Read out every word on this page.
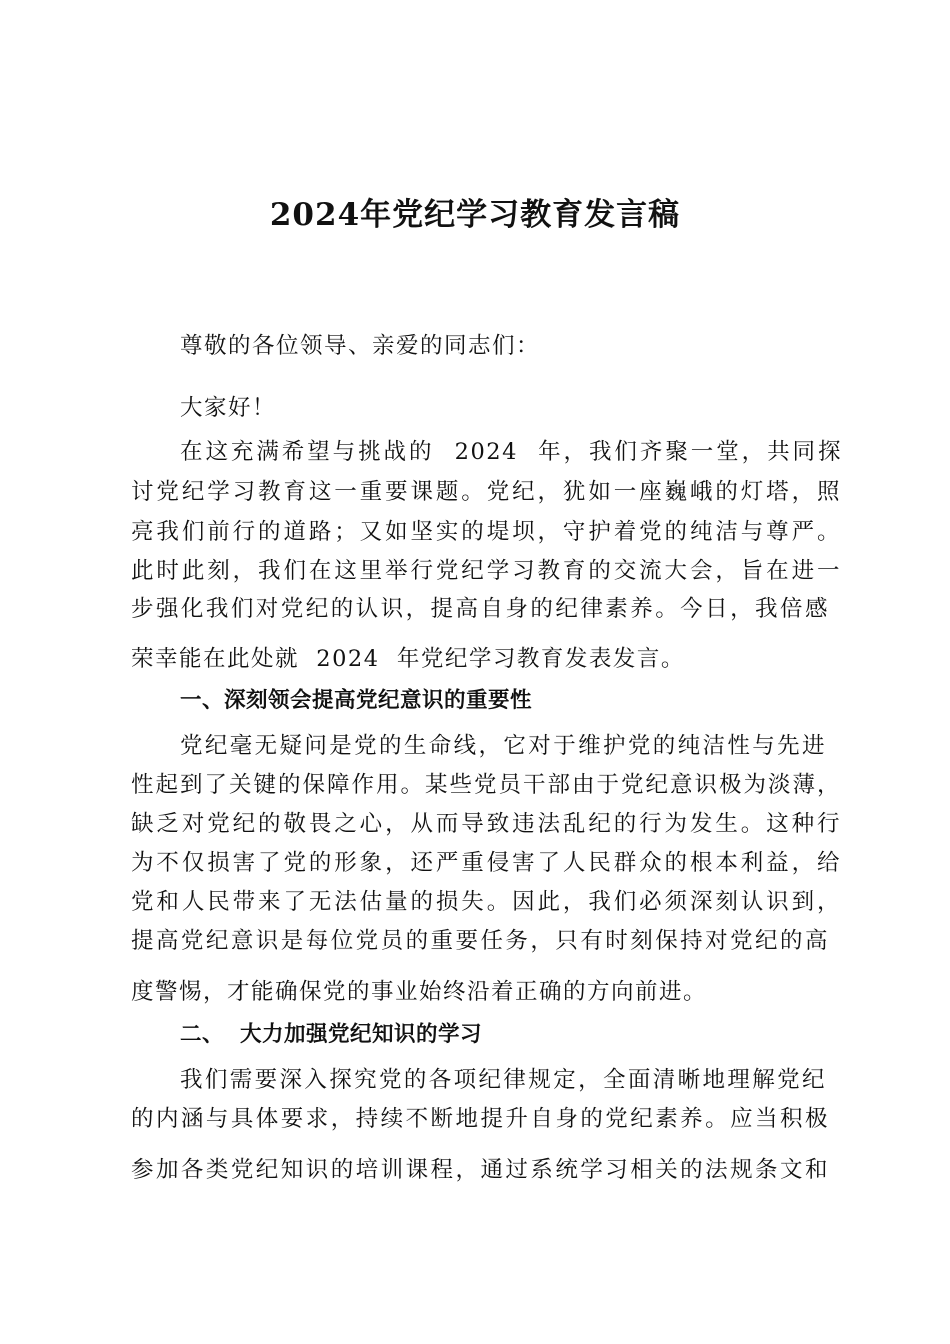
2024年党纪学习教育发言稿
尊敬的各位领导、亲爱的同志们：
大家好！
在这充满希望与挑战的  2024  年，我们齐聚一堂，共同探
讨党纪学习教育这一重要课题。党纪，犹如一座巍峨的灯塔，照
亮我们前行的道路；又如坚实的堤坝，守护着党的纯洁与尊严。
此时此刻，我们在这里举行党纪学习教育的交流大会，旨在进一
步强化我们对党纪的认识，提高自身的纪律素养。今日，我倍感
荣幸能在此处就  2024  年党纪学习教育发表发言。
一、深刻领会提高党纪意识的重要性
党纪毫无疑问是党的生命线，它对于维护党的纯洁性与先进
性起到了关键的保障作用。某些党员干部由于党纪意识极为淡薄，
缺乏对党纪的敬畏之心，从而导致违法乱纪的行为发生。这种行
为不仅损害了党的形象，还严重侵害了人民群众的根本利益，给
党和人民带来了无法估量的损失。因此，我们必须深刻认识到，
提高党纪意识是每位党员的重要任务，只有时刻保持对党纪的高
度警惕，才能确保党的事业始终沿着正确的方向前进。
二、  大力加强党纪知识的学习
我们需要深入探究党的各项纪律规定，全面清晰地理解党纪
的内涵与具体要求，持续不断地提升自身的党纪素养。应当积极
参加各类党纪知识的培训课程，通过系统学习相关的法规条文和
